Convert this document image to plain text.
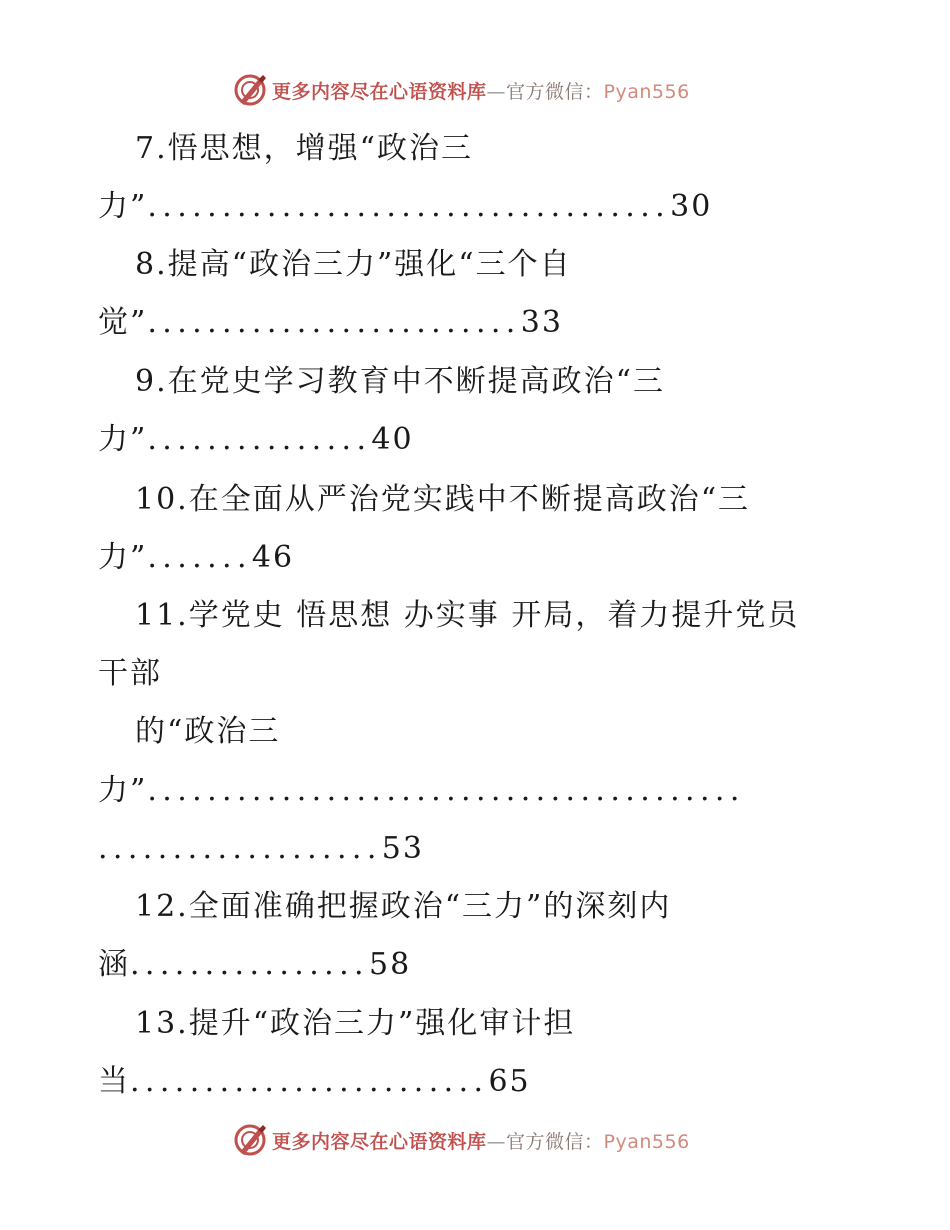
更多内容尽在心语资料库—官方微信：Pyan556
7.悟思想，增强“政治三
力”...................................30
8.提高“政治三力”强化“三个自
觉”.........................33
9.在党史学习教育中不断提高政治“三
力”...............40
10.在全面从严治党实践中不断提高政治“三
力”.......46
11.学党史 悟思想 办实事 开局，着力提升党员
干部
的“政治三
力”........................................
...................53
12.全面准确把握政治“三力”的深刻内
涵................58
13.提升“政治三力”强化审计担
当........................65
更多内容尽在心语资料库—官方微信：Pyan556
